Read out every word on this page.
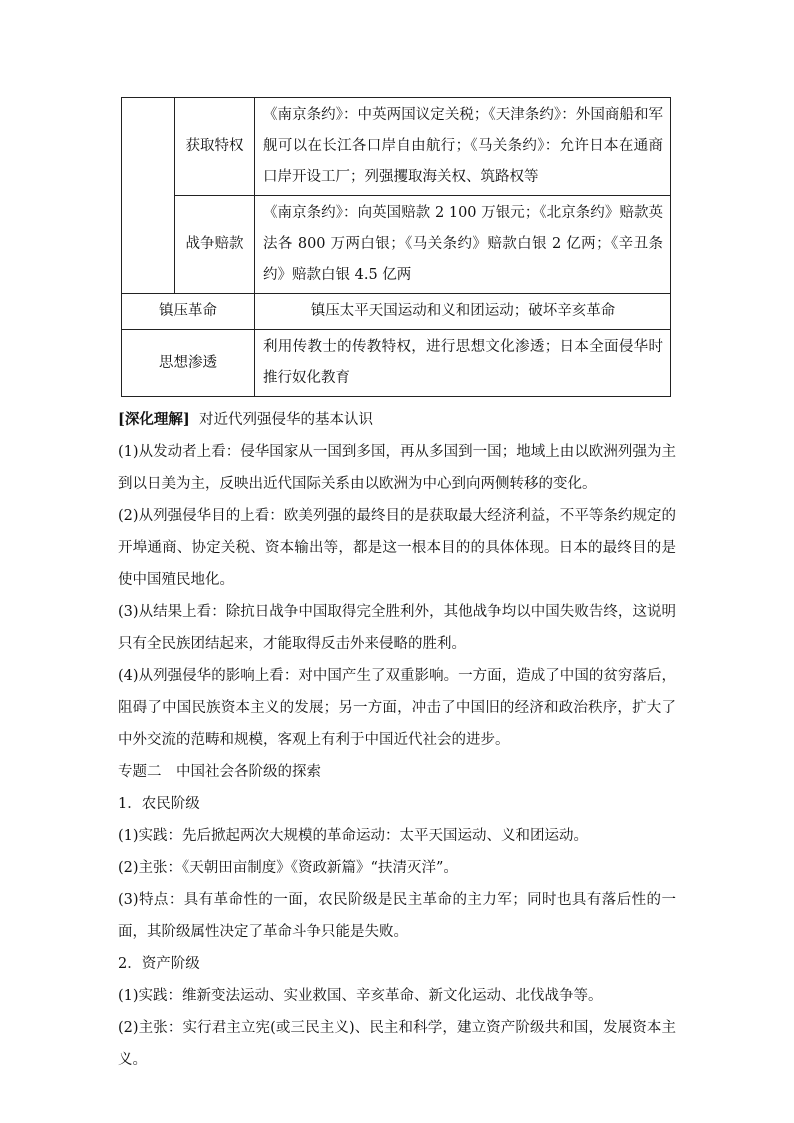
	获取特权	《南京条约》：中英两国议定关税；《天津条约》：外国商船和军舰可以在长江各口岸自由航行；《马关条约》：允许日本在通商口岸开设工厂；列强攫取海关权、筑路权等
	战争赔款	《南京条约》：向英国赔款 2 100 万银元；《北京条约》赔款英法各 800 万两白银；《马关条约》赔款白银 2 亿两；《辛丑条约》赔款白银 4.5 亿两
镇压革命		镇压太平天国运动和义和团运动；破坏辛亥革命
思想渗透		利用传教士的传教特权，进行思想文化渗透；日本全面侵华时推行奴化教育

[深化理解] 对近代列强侵华的基本认识

(1)从发动者上看：侵华国家从一国到多国，再从多国到一国；地域上由以欧洲列强为主到以日美为主，反映出近代国际关系由以欧洲为中心到向两侧转移的变化。

(2)从列强侵华目的上看：欧美列强的最终目的是获取最大经济利益，不平等条约规定的开埠通商、协定关税、资本输出等，都是这一根本目的的具体体现。日本的最终目的是使中国殖民地化。

(3)从结果上看：除抗日战争中国取得完全胜利外，其他战争均以中国失败告终，这说明只有全民族团结起来，才能取得反击外来侵略的胜利。

(4)从列强侵华的影响上看：对中国产生了双重影响。一方面，造成了中国的贫穷落后，阻碍了中国民族资本主义的发展；另一方面，冲击了中国旧的经济和政治秩序，扩大了中外交流的范畴和规模，客观上有利于中国近代社会的进步。

专题二　中国社会各阶级的探索

1．农民阶级

(1)实践：先后掀起两次大规模的革命运动：太平天国运动、义和团运动。

(2)主张：《天朝田亩制度》《资政新篇》“扶清灭洋”。

(3)特点：具有革命性的一面，农民阶级是民主革命的主力军；同时也具有落后性的一面，其阶级属性决定了革命斗争只能是失败。

2．资产阶级

(1)实践：维新变法运动、实业救国、辛亥革命、新文化运动、北伐战争等。

(2)主张：实行君主立宪(或三民主义)、民主和科学，建立资产阶级共和国，发展资本主义。
